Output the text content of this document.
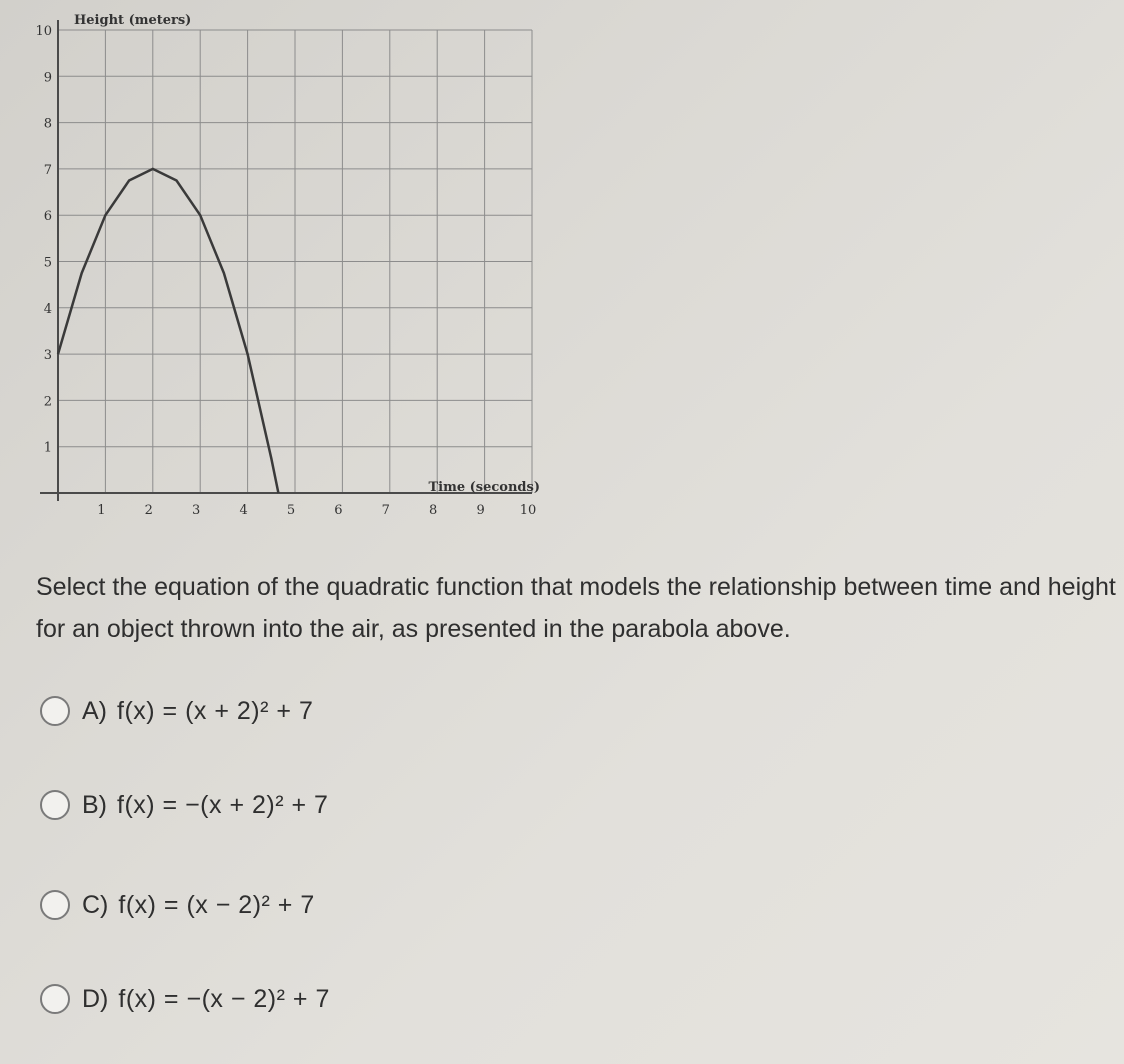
1
2
3
4
5
6
7
8
9
10
1	2	3	4	5	6	7	8	9	10
Height (meters)
Time (seconds)
Select the equation of the quadratic function that models the relationship between time and height for an object thrown into the air, as presented in the parabola above.
A) f(x) = (x + 2)² + 7
B) f(x) = −(x + 2)² + 7
C) f(x) = (x − 2)² + 7
D) f(x) = −(x − 2)² + 7
